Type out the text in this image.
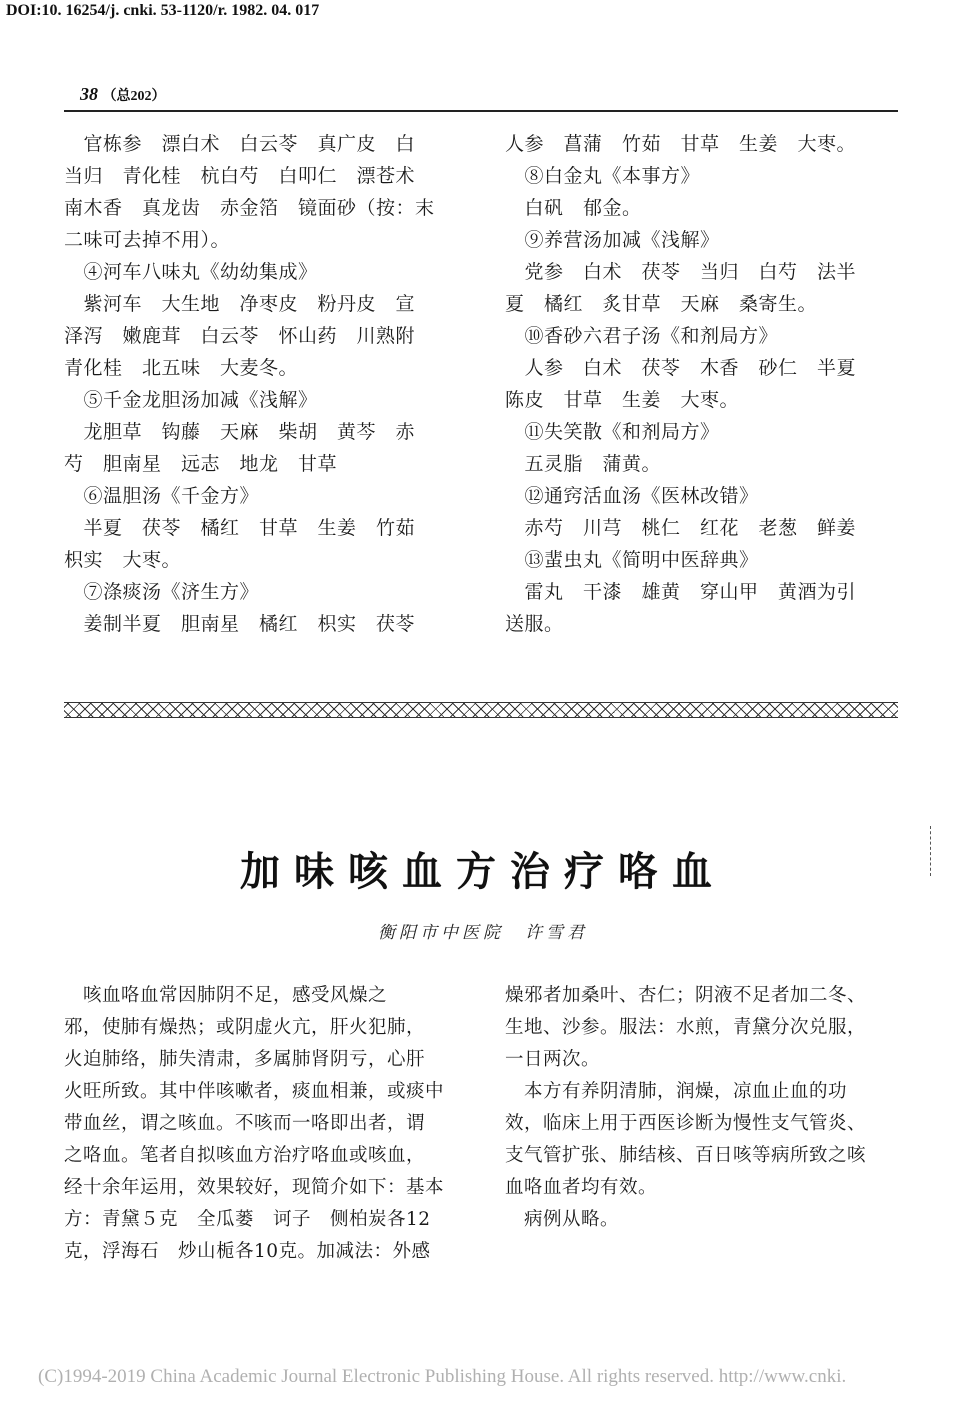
DOI:10. 16254/j. cnki. 53-1120/r. 1982. 04. 017
38 （总202）

　官栋参　漂白术　白云苓　真广皮　白

当归　青化桂　杭白芍　白叩仁　漂苍术

南木香　真龙齿　赤金箔　镜面砂（按：末

二味可去掉不用）。

　④河车八味丸《幼幼集成》

　紫河车　大生地　净枣皮　粉丹皮　宣

泽泻　嫩鹿茸　白云苓　怀山药　川熟附

青化桂　北五味　大麦冬。

　⑤千金龙胆汤加减《浅解》

　龙胆草　钩藤　天麻　柴胡　黄芩　赤

芍　胆南星　远志　地龙　甘草

　⑥温胆汤《千金方》

　半夏　茯苓　橘红　甘草　生姜　竹茹

枳实　大枣。

　⑦涤痰汤《济生方》

　姜制半夏　胆南星　橘红　枳实　茯苓

人参　菖蒲　竹茹　甘草　生姜　大枣。

　⑧白金丸《本事方》

　白矾　郁金。

　⑨养营汤加减《浅解》

　党参　白术　茯苓　当归　白芍　法半

夏　橘红　炙甘草　天麻　桑寄生。

　⑩香砂六君子汤《和剂局方》

　人参　白术　茯苓　木香　砂仁　半夏

陈皮　甘草　生姜　大枣。

　⑪失笑散《和剂局方》

　五灵脂　蒲黄。

　⑫通窍活血汤《医林改错》

　赤芍　川芎　桃仁　红花　老葱　鲜姜

　⑬蜚虫丸《简明中医辞典》

　雷丸　干漆　雄黄　穿山甲　黄酒为引

送服。

加味咳血方治疗咯血
衡阳市中医院　许雪君

　咳血咯血常因肺阴不足，感受风燥之

邪，使肺有燥热；或阴虚火亢，肝火犯肺，

火迫肺络，肺失清肃，多属肺肾阴亏，心肝

火旺所致。其中伴咳嗽者，痰血相兼，或痰中

带血丝，谓之咳血。不咳而一咯即出者，谓

之咯血。笔者自拟咳血方治疗咯血或咳血，

经十余年运用，效果较好，现简介如下：基本

方：青黛５克　全瓜蒌　诃子　侧柏炭各12

克，浮海石　炒山栀各10克。加减法：外感

燥邪者加桑叶、杏仁；阴液不足者加二冬、

生地、沙参。服法：水煎，青黛分次兑服，

一日两次。

　本方有养阴清肺，润燥，凉血止血的功

效，临床上用于西医诊断为慢性支气管炎、

支气管扩张、肺结核、百日咳等病所致之咳

血咯血者均有效。

　病例从略。

(C)1994-2019 China Academic Journal Electronic Publishing House. All rights reserved. http://www.cnki.
